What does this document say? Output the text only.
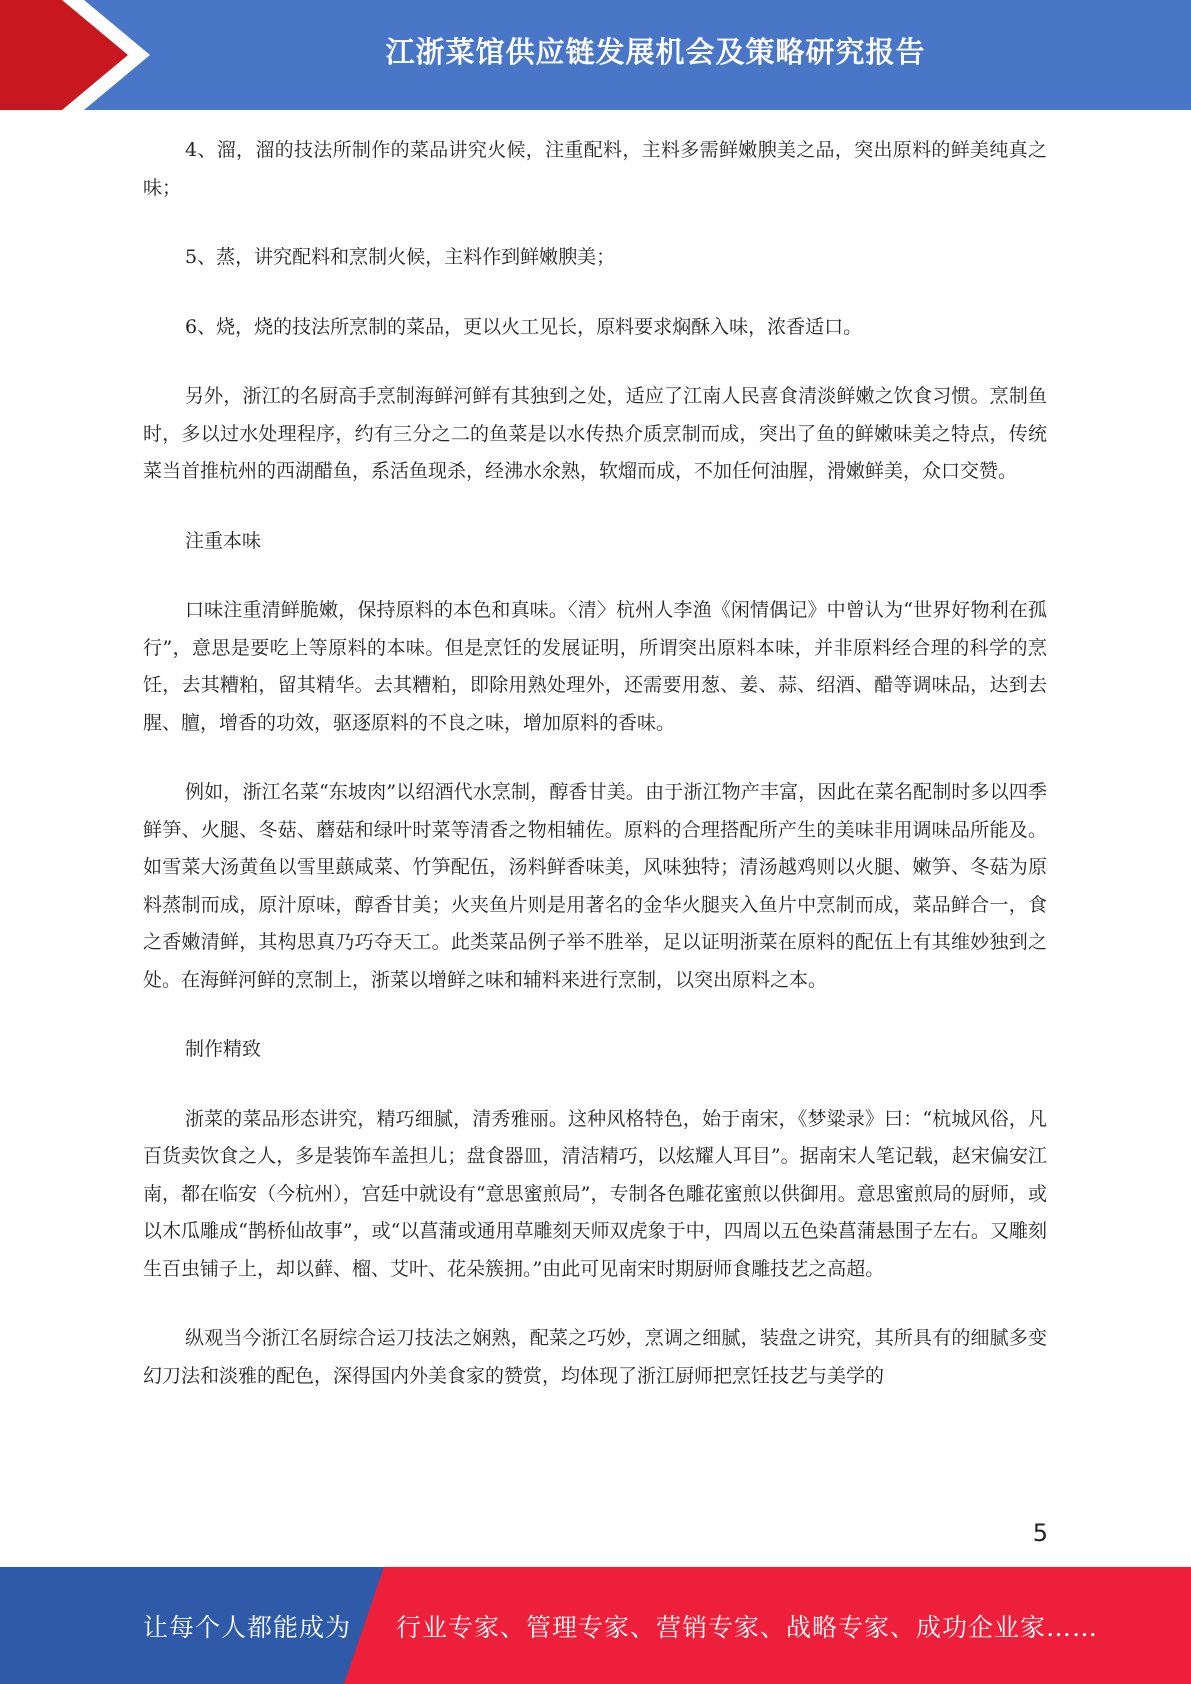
江浙菜馆供应链发展机会及策略研究报告

4、溜，溜的技法所制作的菜品讲究火候，注重配料，主料多需鲜嫩腴美之品，突出原料的鲜美纯真之味；

5、蒸，讲究配料和烹制火候，主料作到鲜嫩腴美；

6、烧，烧的技法所烹制的菜品，更以火工见长，原料要求焖酥入味，浓香适口。

另外，浙江的名厨高手烹制海鲜河鲜有其独到之处，适应了江南人民喜食清淡鲜嫩之饮食习惯。烹制鱼时，多以过水处理程序，约有三分之二的鱼菜是以水传热介质烹制而成，突出了鱼的鲜嫩味美之特点，传统菜当首推杭州的西湖醋鱼，系活鱼现杀，经沸水氽熟，软熘而成，不加任何油腥，滑嫩鲜美，众口交赞。

注重本味

口味注重清鲜脆嫩，保持原料的本色和真味。〈清〉杭州人李渔《闲情偶记》中曾认为“世界好物利在孤行”，意思是要吃上等原料的本味。但是烹饪的发展证明，所谓突出原料本味，并非原料经合理的科学的烹饪，去其糟粕，留其精华。去其糟粕，即除用熟处理外，还需要用葱、姜、蒜、绍酒、醋等调味品，达到去腥、膻，增香的功效，驱逐原料的不良之味，增加原料的香味。

例如，浙江名菜“东坡肉”以绍酒代水烹制，醇香甘美。由于浙江物产丰富，因此在菜名配制时多以四季鲜笋、火腿、冬菇、蘑菇和绿叶时菜等清香之物相辅佐。原料的合理搭配所产生的美味非用调味品所能及。如雪菜大汤黄鱼以雪里蕻咸菜、竹笋配伍，汤料鲜香味美，风味独特；清汤越鸡则以火腿、嫩笋、冬菇为原料蒸制而成，原汁原味，醇香甘美；火夹鱼片则是用著名的金华火腿夹入鱼片中烹制而成，菜品鲜合一，食之香嫩清鲜，其构思真乃巧夺天工。此类菜品例子举不胜举，足以证明浙菜在原料的配伍上有其维妙独到之处。在海鲜河鲜的烹制上，浙菜以增鲜之味和辅料来进行烹制，以突出原料之本。

制作精致

浙菜的菜品形态讲究，精巧细腻，清秀雅丽。这种风格特色，始于南宋，《梦粱录》曰：“杭城风俗，凡百货卖饮食之人，多是装饰车盖担儿；盘食器皿，清洁精巧，以炫耀人耳目”。据南宋人笔记载，赵宋偏安江南，都在临安（今杭州），宫廷中就设有“意思蜜煎局”，专制各色雕花蜜煎以供御用。意思蜜煎局的厨师，或以木瓜雕成“鹊桥仙故事”，或“以菖蒲或通用草雕刻天师双虎象于中，四周以五色染菖蒲悬围子左右。又雕刻生百虫铺子上，却以藓、榴、艾叶、花朵簇拥。”由此可见南宋时期厨师食雕技艺之高超。

纵观当今浙江名厨综合运刀技法之娴熟，配菜之巧妙，烹调之细腻，装盘之讲究，其所具有的细腻多变幻刀法和淡雅的配色，深得国内外美食家的赞赏，均体现了浙江厨师把烹饪技艺与美学的

5
让每个人都能成为 行业专家、管理专家、营销专家、战略专家、成功企业家……
